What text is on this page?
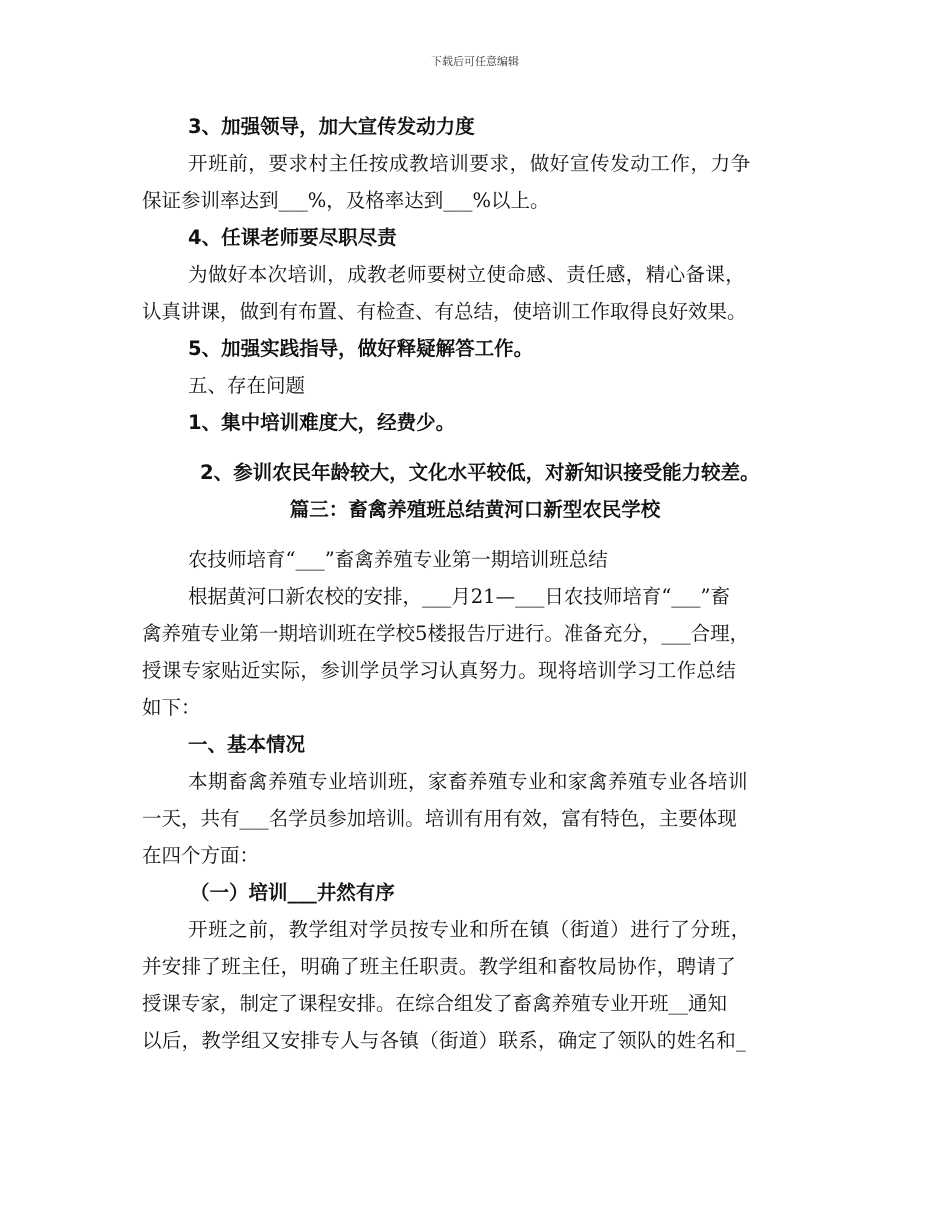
下载后可任意编辑
3、加强领导，加大宣传发动力度
开班前，要求村主任按成教培训要求，做好宣传发动工作，力争
保证参训率达到___%，及格率达到___%以上。
4、任课老师要尽职尽责
为做好本次培训，成教老师要树立使命感、责任感，精心备课，
认真讲课，做到有布置、有检查、有总结，使培训工作取得良好效果。
5、加强实践指导，做好释疑解答工作。
五、存在问题
1、集中培训难度大，经费少。
2、参训农民年龄较大，文化水平较低，对新知识接受能力较差。
篇三：畜禽养殖班总结黄河口新型农民学校
农技师培育“___”畜禽养殖专业第一期培训班总结
根据黄河口新农校的安排，___月21—___日农技师培育“___”畜
禽养殖专业第一期培训班在学校5楼报告厅进行。准备充分，___合理，
授课专家贴近实际，参训学员学习认真努力。现将培训学习工作总结
如下：
一、基本情况
本期畜禽养殖专业培训班，家畜养殖专业和家禽养殖专业各培训
一天，共有___名学员参加培训。培训有用有效，富有特色，主要体现
在四个方面：
（一）培训___井然有序
开班之前，教学组对学员按专业和所在镇（街道）进行了分班，
并安排了班主任，明确了班主任职责。教学组和畜牧局协作，聘请了
授课专家，制定了课程安排。在综合组发了畜禽养殖专业开班__通知
以后，教学组又安排专人与各镇（街道）联系，确定了领队的姓名和_
